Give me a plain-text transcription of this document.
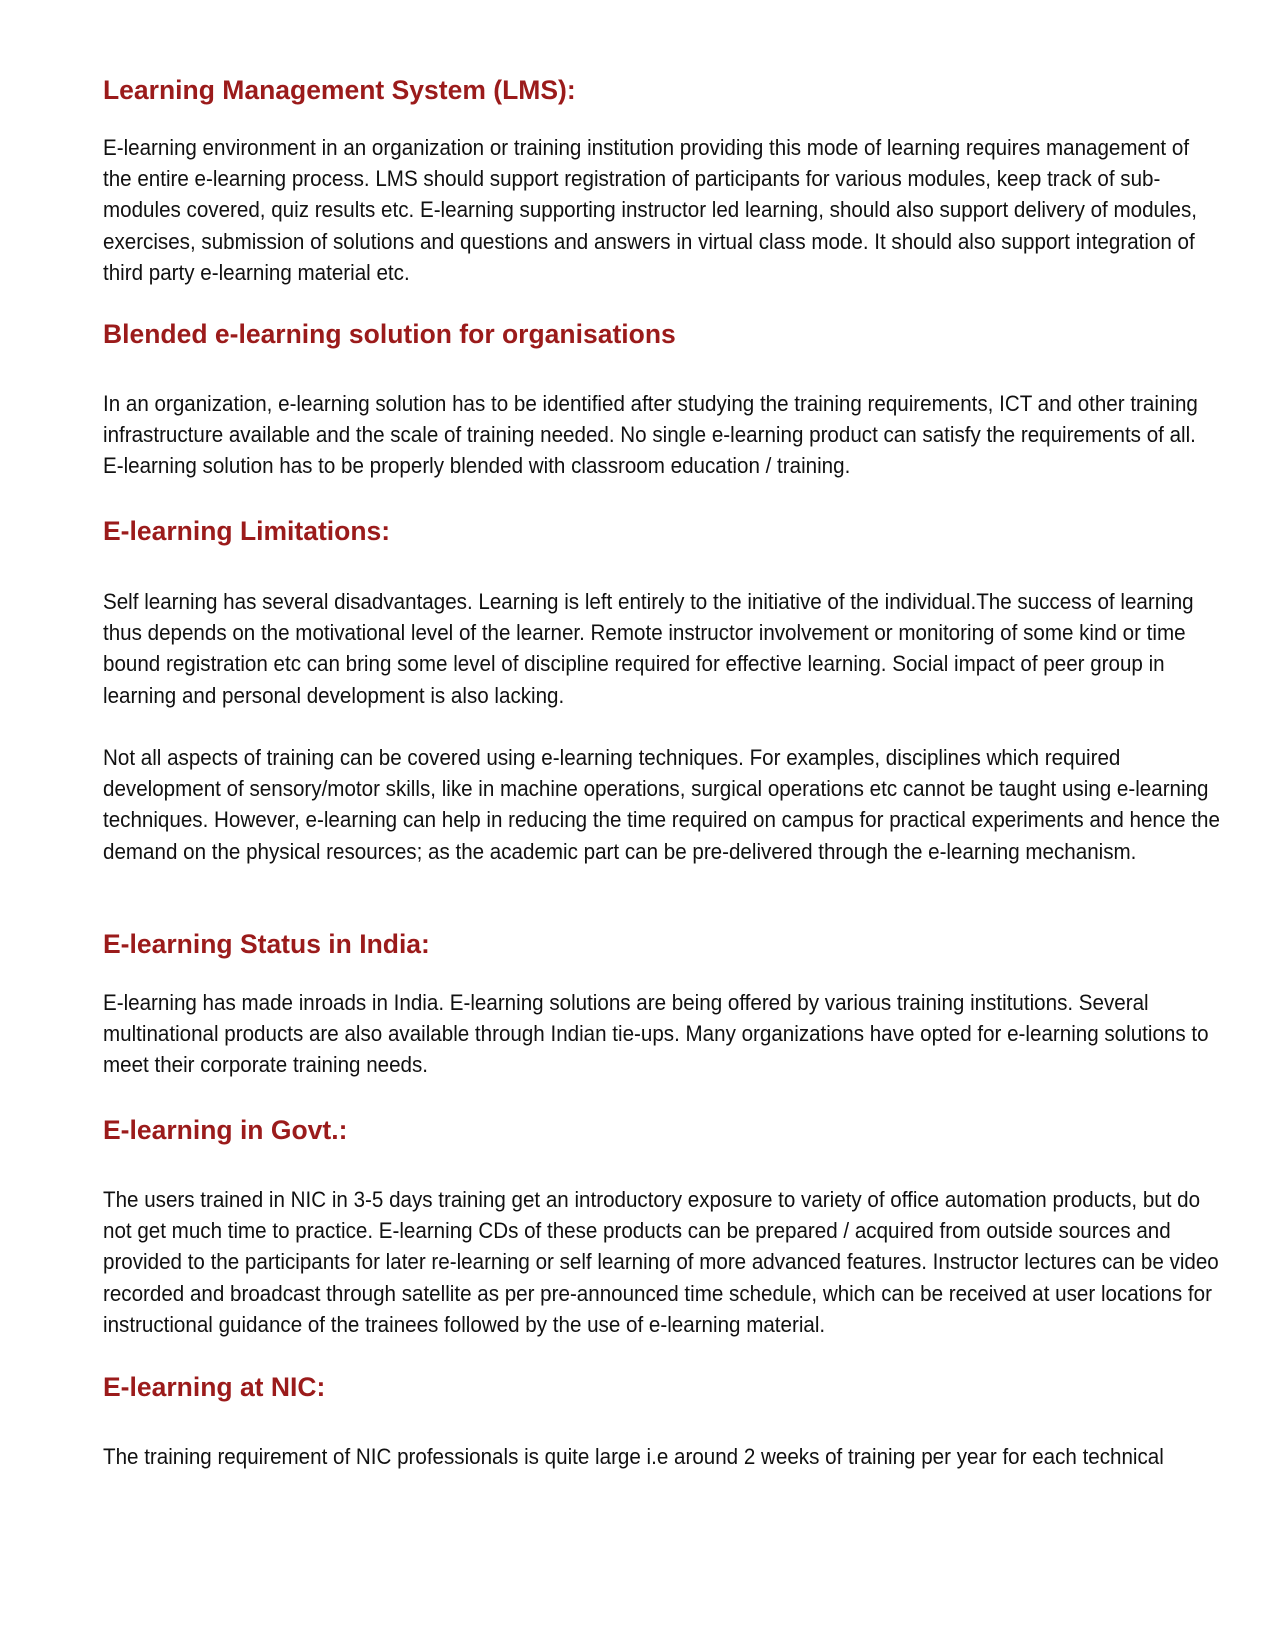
Learning Management System (LMS):

E-learning environment in an organization or training institution providing this mode of learning requires management of the entire e-learning process. LMS should support registration of participants for various modules, keep track of sub-modules covered, quiz results etc. E-learning supporting instructor led learning, should also support delivery of modules, exercises, submission of solutions and questions and answers in virtual class mode. It should also support integration of third party e-learning material etc.

Blended e-learning solution for organisations

In an organization, e-learning solution has to be identified after studying the training requirements, ICT and other training infrastructure available and the scale of training needed. No single e-learning product can satisfy the requirements of all. E-learning solution has to be properly blended with classroom education / training.

E-learning Limitations:

Self learning has several disadvantages. Learning is left entirely to the initiative of the individual.The success of learning thus depends on the motivational level of the learner. Remote instructor involvement or monitoring of some kind or time bound registration etc can bring some level of discipline required for effective learning. Social impact of peer group in learning and personal development is also lacking.

Not all aspects of training can be covered using e-learning techniques. For examples, disciplines which required development of sensory/motor skills, like in machine operations, surgical operations etc cannot be taught using e-learning techniques. However, e-learning can help in reducing the time required on campus for practical experiments and hence the demand on the physical resources; as the academic part can be pre-delivered through the e-learning mechanism.

E-learning Status in India:

E-learning has made inroads in India. E-learning solutions are being offered by various training institutions. Several multinational products are also available through Indian tie-ups. Many organizations have opted for e-learning solutions to meet their corporate training needs.

E-learning in Govt.:

The users trained in NIC in 3-5 days training get an introductory exposure to variety of office automation products, but do not get much time to practice. E-learning CDs of these products can be prepared / acquired from outside sources and provided to the participants for later re-learning or self learning of more advanced features. Instructor lectures can be video recorded and broadcast through satellite as per pre-announced time schedule, which can be received at user locations for instructional guidance of the trainees followed by the use of e-learning material.

E-learning at NIC:

The training requirement of NIC professionals is quite large i.e around 2 weeks of training per year for each technical
